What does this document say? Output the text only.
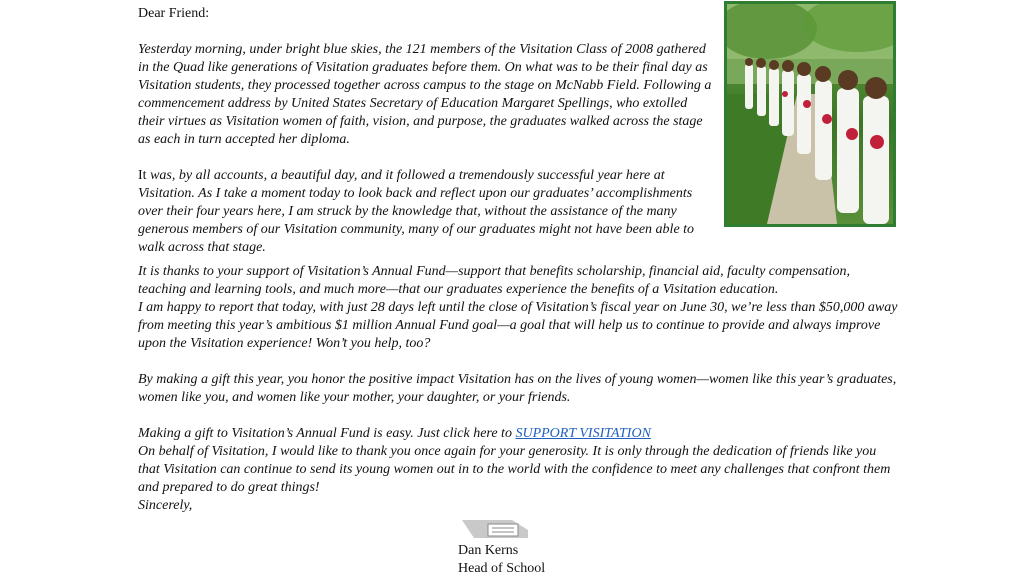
Dear Friend:

Yesterday morning, under bright blue skies, the 121 members of the Visitation Class of 2008 gathered in the Quad like generations of Visitation graduates before them. On what was to be their final day as Visitation students, they processed together across campus to the stage on McNabb Field. Following a commencement address by United States Secretary of Education Margaret Spellings, who extolled their virtues as Visitation women of faith, vision, and purpose, the graduates walked across the stage as each in turn accepted her diploma.

It was, by all accounts, a beautiful day, and it followed a tremendously successful year here at Visitation. As I take a moment today to look back and reflect upon our graduates’ accomplishments over their four years here, I am struck by the knowledge that, without the assistance of the many generous members of our Visitation community, many of our graduates might not have been able to walk across that stage.

It is thanks to your support of Visitation’s Annual Fund—support that benefits scholarship, financial aid, faculty compensation, teaching and learning tools, and much more—that our graduates experience the benefits of a Visitation education.

I am happy to report that today, with just 28 days left until the close of Visitation’s fiscal year on June 30, we’re less than $50,000 away from meeting this year’s ambitious $1 million Annual Fund goal—a goal that will help us to continue to provide and always improve upon the Visitation experience! Won’t you help, too?

By making a gift this year, you honor the positive impact Visitation has on the lives of young women—women like this year’s graduates, women like you, and women like your mother, your daughter, or your friends.

Making a gift to Visitation’s Annual Fund is easy. Just click here to SUPPORT VISITATION

On behalf of Visitation, I would like to thank you once again for your generosity. It is only through the dedication of friends like you that Visitation can continue to send its young women out in to the world with the confidence to meet any challenges that confront them and prepared to do great things!

Sincerely,

Dan Kerns
Head of School
